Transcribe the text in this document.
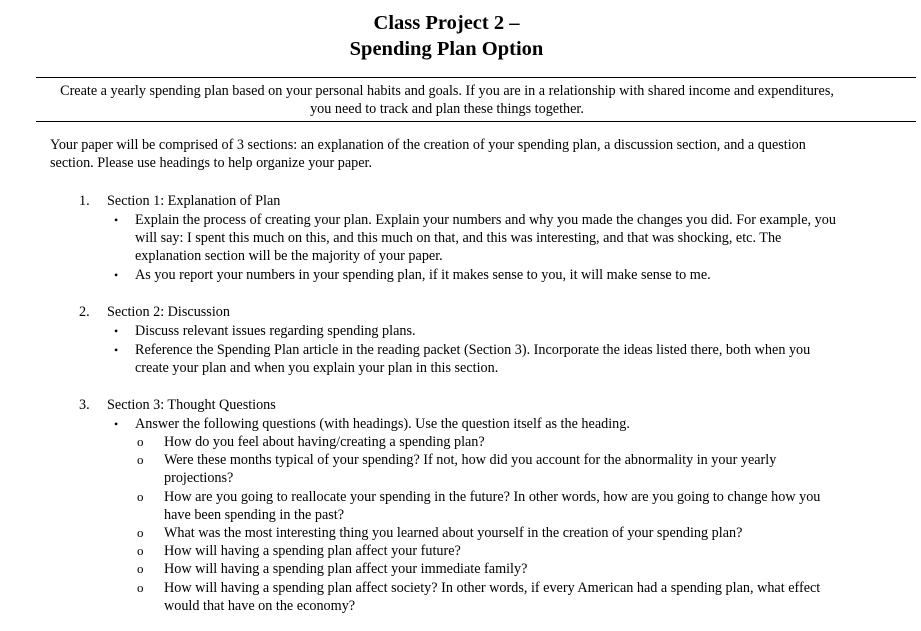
Class Project 2 –
Spending Plan Option
Create a yearly spending plan based on your personal habits and goals. If you are in a relationship with shared income and expenditures, you need to track and plan these things together.
Your paper will be comprised of 3 sections: an explanation of the creation of your spending plan, a discussion section, and a question section. Please use headings to help organize your paper.
1. Section 1: Explanation of Plan
• Explain the process of creating your plan. Explain your numbers and why you made the changes you did. For example, you will say: I spent this much on this, and this much on that, and this was interesting, and that was shocking, etc. The explanation section will be the majority of your paper.
• As you report your numbers in your spending plan, if it makes sense to you, it will make sense to me.
2. Section 2: Discussion
• Discuss relevant issues regarding spending plans.
• Reference the Spending Plan article in the reading packet (Section 3). Incorporate the ideas listed there, both when you create your plan and when you explain your plan in this section.
3. Section 3: Thought Questions
• Answer the following questions (with headings). Use the question itself as the heading.
o How do you feel about having/creating a spending plan?
o Were these months typical of your spending? If not, how did you account for the abnormality in your yearly projections?
o How are you going to reallocate your spending in the future? In other words, how are you going to change how you have been spending in the past?
o What was the most interesting thing you learned about yourself in the creation of your spending plan?
o How will having a spending plan affect your future?
o How will having a spending plan affect your immediate family?
o How will having a spending plan affect society? In other words, if every American had a spending plan, what effect would that have on the economy?
